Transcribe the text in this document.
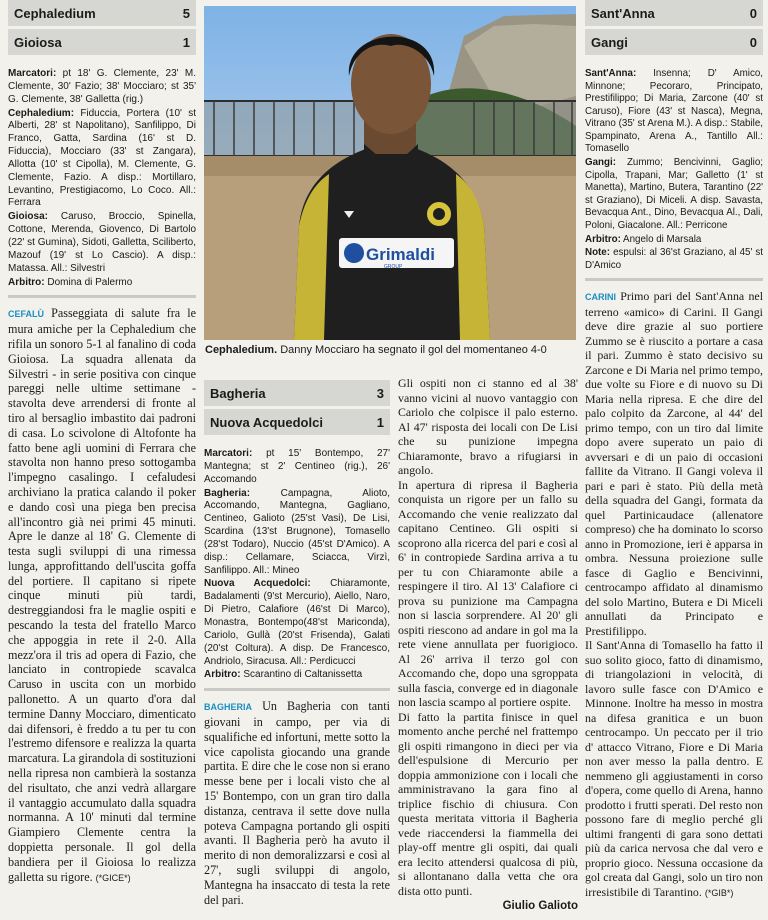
Cephaledium	5
Gioiosa	1

Marcatori: pt 18' G. Clemente, 23' M. Clemente, 30' Fazio; 38' Mocciaro; st 35' G. Clemente, 38' Galletta (rig.)

Cephaledium: Fiduccia, Portera (10' st Alberti, 28' st Napolitano), Sanfilippo, Di Franco, Gatta, Sardina (16' st D. Fiduccia), Mocciaro (33' st Zangara), Allotta (10' st Cipolla), M. Clemente, G. Clemente, Fazio. A disp.: Mortillaro, Levantino, Prestigiacomo, Lo Coco. All.: Ferrara

Gioiosa: Caruso, Broccio, Spinella, Cottone, Merenda, Giovenco, Di Bartolo (22' st Gumina), Sidoti, Galletta, Sciliberto, Mazouf (19' st Lo Cascio). A disp.: Matassa. All.: Silvestri

Arbitro: Domina di Palermo

CEFALÙ Passeggiata di salute fra le mura amiche per la Cephaledium che rifila un sonoro 5-1 al fanalino di coda Gioiosa. La squadra allenata da Silvestri - in serie positiva con cinque pareggi nelle ultime settimane - stavolta deve arrendersi di fronte al tiro al bersaglio imbastito dai padroni di casa. Lo scivolone di Altofonte ha fatto bene agli uomini di Ferrara che stavolta non hanno preso sottogamba l'impegno casalingo. I cefaludesi archiviano la pratica calando il poker e dando così una piega ben precisa all'incontro già nei primi 45 minuti. Apre le danze al 18' G. Clemente di testa sugli sviluppi di una rimessa lunga, approfittando dell'uscita goffa del portiere. Il capitano si ripete cinque minuti più tardi, destreggiandosi fra le maglie ospiti e pescando la testa del fratello Marco che appoggia in rete il 2-0. Alla mezz'ora il tris ad opera di Fazio, che lanciato in contropiede scavalca Caruso in uscita con un morbido pallonetto. A un quarto d'ora dal termine Danny Mocciaro, dimenticato dai difensori, è freddo a tu per tu con l'estremo difensore e realizza la quarta marcatura. La girandola di sostituzioni nella ripresa non cambierà la sostanza del risultato, che anzi vedrà allargare il vantaggio accumulato dalla squadra normanna. A 10' minuti dal termine Giampiero Clemente centra la doppietta personale. Il gol della bandiera per il Gioiosa lo realizza galletta su rigore. (*GICE*)

Grimaldi
GROUP
Cephaledium. Danny Mocciaro ha segnato il gol del momentaneo 4-0
Bagheria	3
Nuova Acquedolci	1

Marcatori: pt 15' Bontempo, 27' Mantegna; st 2' Centineo (rig.), 26' Accomando

Bagheria:	Campagna, Alioto, Accomando, Mantegna, Gagliano, Centineo, Galioto (25'st Vasi), De Lisi, Scardina (13'st Brugnone), Tomasello (28'st Todaro), Nuccio (45'st D'Amico). A disp.: Cellamare, Sciacca, Virzì, Sanfilippo. All.: Mineo

Nuova Acquedolci: Chiaramonte, Badalamenti (9'st Mercurio), Aiello, Naro, Di Pietro, Calafiore (46'st Di Marco), Monastra, Bontempo(48'st Mariconda), Cariolo, Gullà (20'st Frisenda), Galati (20'st Coltura). A disp. De Francesco, Andriolo, Siracusa. All.: Perdicucci

Arbitro: Scarantino di Caltanissetta

BAGHERIA Un Bagheria con tanti giovani in campo, per via di squalifiche ed infortuni, mette sotto la vice capolista giocando una grande partita. E dire che le cose non si erano messe bene per i locali visto che al 15' Bontempo, con un gran tiro dalla distanza, centrava il sette dove nulla poteva Campagna portando gli ospiti avanti. Il Bagheria però ha avuto il merito di non demoralizzarsi e così al 27', sugli sviluppi di angolo, Mantegna ha insaccato di testa la rete del pari.

Gli ospiti non ci stanno ed al 38' vanno vicini al nuovo vantaggio con Cariolo che colpisce il palo esterno. Al 47' risposta dei locali con De Lisi che su punizione impegna Chiaramonte, bravo a rifugiarsi in angolo.

In apertura di ripresa il Bagheria conquista un rigore per un fallo su Accomando che venie realizzato dal capitano Centineo. Gli ospiti si scoprono alla ricerca del pari e così al 6' in contropiede Sardina arriva a tu per tu con Chiaramonte abile a respingere il tiro. Al 13' Calafiore ci prova su punizione ma Campagna non si lascia sorprendere. Al 20' gli ospiti riescono ad andare in gol ma la rete viene annullata per fuorigioco. Al 26' arriva il terzo gol con Accomando che, dopo una sgroppata sulla fascia, converge ed in diagonale non lascia scampo al portiere ospite.

Di fatto la partita finisce in quel momento anche perché nel frattempo gli ospiti rimangono in dieci per via dell'espulsione di Mercurio per doppia ammonizione con i locali che amministravano la gara fino al triplice fischio di chiusura. Con questa meritata vittoria il Bagheria vede riaccendersi la fiammella dei play-off mentre gli ospiti, dai quali era lecito attendersi qualcosa di più, si allontanano dalla vetta che ora dista otto punti.

Giulio Galioto
Sant'Anna	0
Gangi	0

Sant'Anna: Insenna; D' Amico, Minnone; Pecoraro, Principato, Prestifilippo; Di Maria, Zarcone (40' st Caruso), Fiore (43' st Nasca), Megna, Vitrano (35' st Arena M.). A disp.: Stabile, Spampinato, Arena A., Tantillo All.: Tomasello

Gangi: Zummo; Bencivinni, Gaglio; Cipolla, Trapani, Mar; Galletto (1' st Manetta), Martino, Butera, Tarantino (22' st Graziano), Di Miceli. A disp. Savasta, Bevacqua Ant., Dino, Bevacqua Al., Dali, Poloni, Giacalone. All.: Perricone

Arbitro: Angelo di Marsala

Note: espulsi: al 36'st Graziano, al 45' st D'Amico

CARINI Primo pari del Sant'Anna nel terreno «amico» di Carini. Il Gangi deve dire grazie al suo portiere Zummo se è riuscito a portare a casa il pari. Zummo è stato decisivo su Zarcone e Di Maria nel primo tempo, due volte su Fiore e di nuovo su Di Maria nella ripresa. E che dire del palo colpito da Zarcone, al 44' del primo tempo, con un tiro dal limite dopo avere superato un paio di avversari e di un paio di occasioni fallite da Vitrano. Il Gangi voleva il pari e pari è stato. Più della metà della squadra del Gangi, formata da quel Partinicaudace (allenatore compreso) che ha dominato lo scorso anno in Promozione, ieri è apparsa in ombra. Nessuna proiezione sulle fasce di Gaglio e Bencivinni, centrocampo affidato al dinamismo del solo Martino, Butera e Di Miceli annullati da Principato e Prestifilippo.

Il Sant'Anna di Tomasello ha fatto il suo solito gioco, fatto di dinamismo, di triangolazioni in velocità, di lavoro sulle fasce con D'Amico e Minnone. Inoltre ha messo in mostra na difesa granitica e un buon centrocampo. Un peccato per il trio d' attacco Vitrano, Fiore e Di Maria non aver messo la palla dentro. E nemmeno gli aggiustamenti in corso d'opera, come quello di Arena, hanno prodotto i frutti sperati. Del resto non possono fare di meglio perché gli ultimi frangenti di gara sono dettati più da carica nervosa che dal vero e proprio gioco. Nessuna occasione da gol creata dal Gangi, solo un tiro non irresistibile di Tarantino. (*GIB*)
